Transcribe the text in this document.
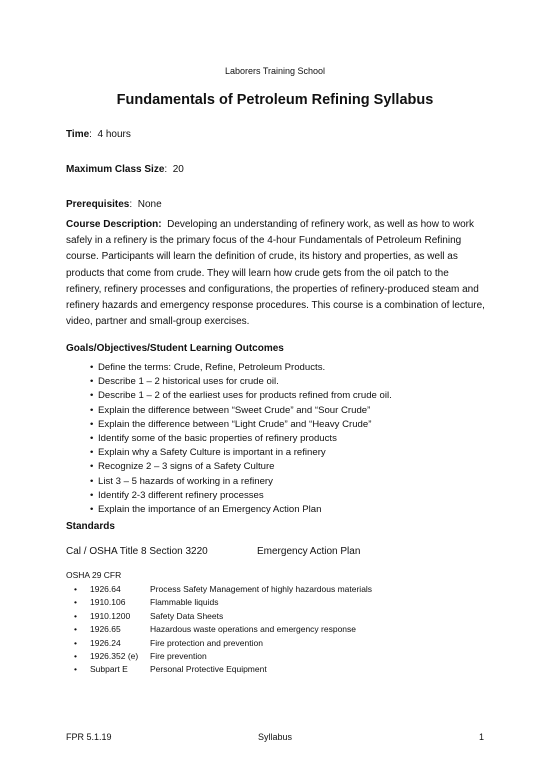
Laborers Training School
Fundamentals of Petroleum Refining Syllabus
Time:  4 hours
Maximum Class Size:  20
Prerequisites:  None
Course Description: Developing an understanding of refinery work, as well as how to work safely in a refinery is the primary focus of the 4-hour Fundamentals of Petroleum Refining course. Participants will learn the definition of crude, its history and properties, as well as products that come from crude. They will learn how crude gets from the oil patch to the refinery, refinery processes and configurations, the properties of refinery-produced steam and refinery hazards and emergency response procedures. This course is a combination of lecture, video, partner and small-group exercises.
Goals/Objectives/Student Learning Outcomes
• Define the terms: Crude, Refine, Petroleum Products.
• Describe 1 – 2 historical uses for crude oil.
• Describe 1 – 2 of the earliest uses for products refined from crude oil.
• Explain the difference between “Sweet Crude” and “Sour Crude”
• Explain the difference between “Light Crude” and “Heavy Crude”
• Identify some of the basic properties of refinery products
• Explain why a Safety Culture is important in a refinery
• Recognize 2 – 3 signs of a Safety Culture
• List 3 – 5 hazards of working in a refinery
• Identify 2-3 different refinery processes
• Explain the importance of an Emergency Action Plan
Standards
Cal / OSHA Title 8 Section 3220	Emergency Action Plan
OSHA 29 CFR
• 1926.64	Process Safety Management of highly hazardous materials
• 1910.106	Flammable liquids
• 1910.1200 Safety Data Sheets
• 1926.65	Hazardous waste operations and emergency response
• 1926.24	Fire protection and prevention
• 1926.352 (e) Fire prevention
• Subpart E	Personal Protective Equipment
FPR 5.1.19	Syllabus	1
